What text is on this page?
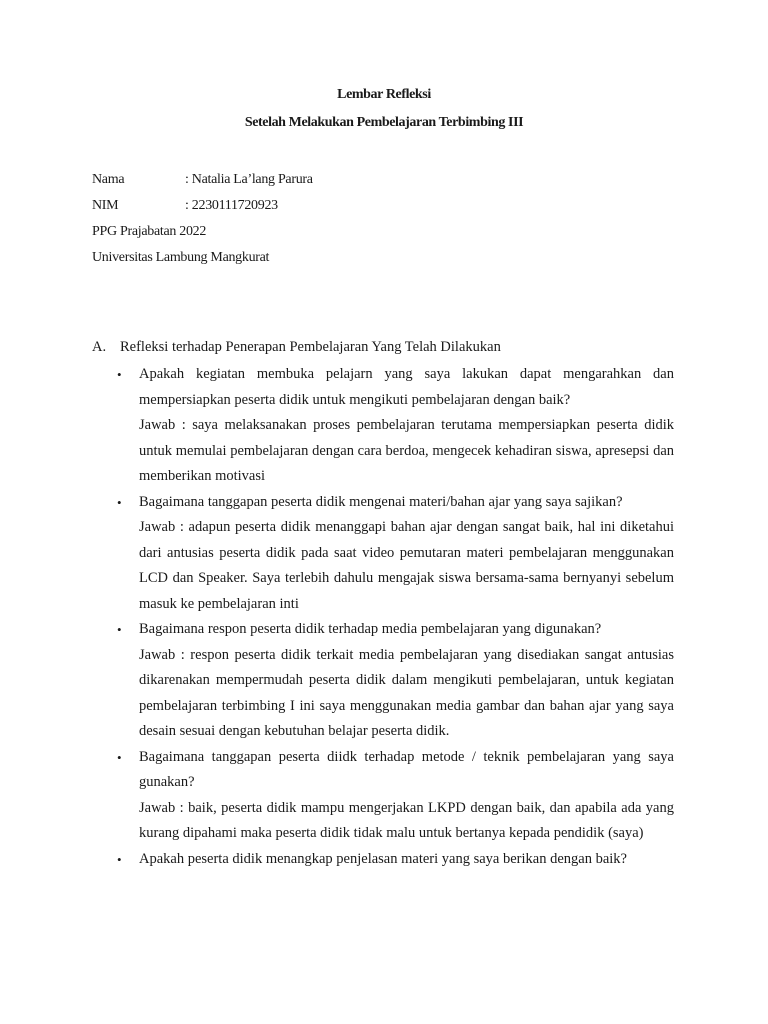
Lembar Refleksi
Setelah Melakukan Pembelajaran Terbimbing III
Nama	: Natalia La’lang Parura
NIM	: 2230111720923
PPG Prajabatan 2022
Universitas Lambung Mangkurat
A. Refleksi terhadap Penerapan Pembelajaran Yang Telah Dilakukan
• Apakah kegiatan membuka pelajarn yang saya lakukan dapat mengarahkan dan mempersiapkan peserta didik untuk mengikuti pembelajaran dengan baik?

Jawab : saya melaksanakan proses pembelajaran terutama mempersiapkan peserta didik untuk memulai pembelajaran dengan cara berdoa, mengecek kehadiran siswa, apresepsi dan memberikan motivasi

• Bagaimana tanggapan peserta didik mengenai materi/bahan ajar yang saya sajikan?

Jawab : adapun peserta didik menanggapi bahan ajar dengan sangat baik, hal ini diketahui dari antusias peserta didik pada saat video pemutaran materi pembelajaran menggunakan LCD dan Speaker. Saya terlebih dahulu mengajak siswa bersama-sama bernyanyi sebelum masuk ke pembelajaran inti

• Bagaimana respon peserta didik terhadap media pembelajaran yang digunakan?

Jawab : respon peserta didik terkait media pembelajaran yang disediakan sangat antusias dikarenakan mempermudah peserta didik dalam mengikuti pembelajaran, untuk kegiatan pembelajaran terbimbing I ini saya menggunakan media gambar dan bahan ajar yang saya desain sesuai dengan kebutuhan belajar peserta didik.

• Bagaimana tanggapan peserta diidk terhadap metode / teknik pembelajaran yang saya gunakan?

Jawab : baik, peserta didik mampu mengerjakan LKPD dengan baik, dan apabila ada yang kurang dipahami maka peserta didik tidak malu untuk bertanya kepada pendidik (saya)

• Apakah peserta didik menangkap penjelasan materi yang saya berikan dengan baik?
